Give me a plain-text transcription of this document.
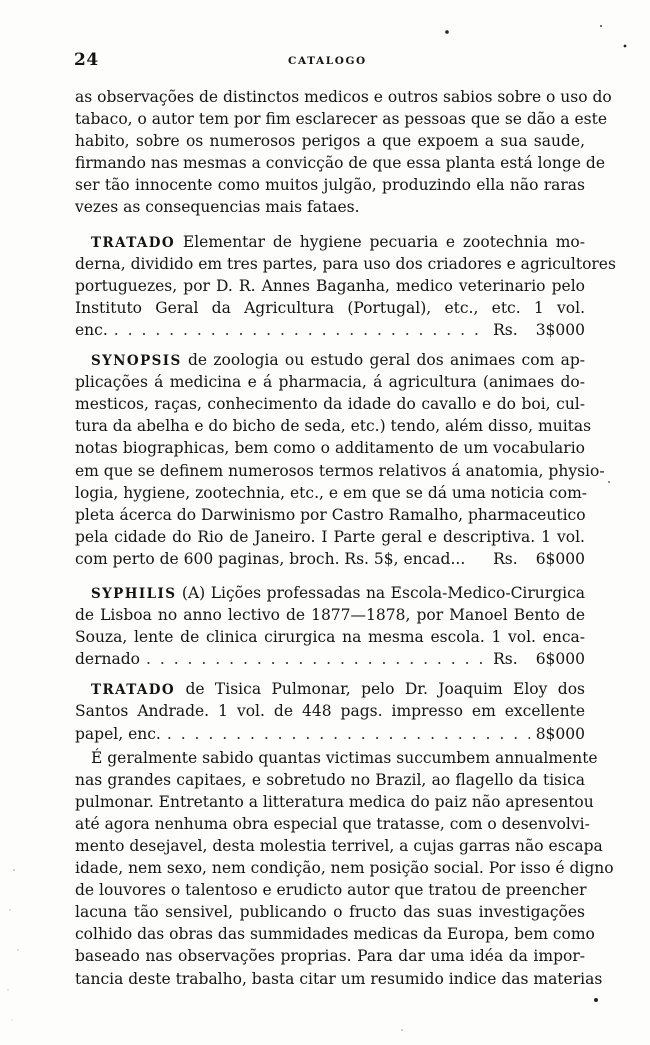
24	CATALOGO
as observações de distinctos medicos e outros sabios sobre o uso do
tabaco, o autor tem por fim esclarecer as pessoas que se dão a este
habito, sobre os numerosos perigos a que expoem a sua saude,
firmando nas mesmas a convicção de que essa planta está longe de
ser tão innocente como muitos julgão, produzindo ella não raras
vezes as consequencias mais fataes.
TRATADO Elementar de hygiene pecuaria e zootechnia mo-
derna, dividido em tres partes, para uso dos criadores e agricultores
portuguezes, por D. R. Annes Baganha, medico veterinario pelo
Instituto Geral da Agricultura (Portugal), etc., etc. 1 vol.
enc. . . .	Rs. 3$000
SYNOPSIS de zoologia ou estudo geral dos animaes com ap-
plicações á medicina e á pharmacia, á agricultura (animaes do-
mesticos, raças, conhecimento da idade do cavallo e do boi, cul-
tura da abelha e do bicho de seda, etc.) tendo, além disso, muitas
notas biographicas, bem como o additamento de um vocabulario
em que se definem numerosos termos relativos á anatomia, physio-
logia, hygiene, zootechnia, etc., e em que se dá uma noticia com-
pleta ácerca do Darwinismo por Castro Ramalho, pharmaceutico
pela cidade do Rio de Janeiro. I Parte geral e descriptiva. 1 vol.
com perto de 600 paginas, broch. Rs. 5$, encad... Rs. 6$000
SYPHILIS (A) Lições professadas na Escola-Medico-Cirurgica
de Lisboa no anno lectivo de 1877—1878, por Manoel Bento de
Souza, lente de clinica cirurgica na mesma escola. 1 vol. enca-
dernado . . .	Rs. 6$000
TRATADO de Tisica Pulmonar, pelo Dr. Joaquim Eloy dos
Santos Andrade. 1 vol. de 448 pags. impresso em excellente
papel, enc. . . .	8$000
É geralmente sabido quantas victimas succumbem annualmente
nas grandes capitaes, e sobretudo no Brazil, ao flagello da tisica
pulmonar. Entretanto a litteratura medica do paiz não apresentou
até agora nenhuma obra especial que tratasse, com o desenvolvi-
mento desejavel, desta molestia terrivel, a cujas garras não escapa
idade, nem sexo, nem condição, nem posição social. Por isso é digno
de louvores o talentoso e erudicto autor que tratou de preencher
lacuna tão sensivel, publicando o fructo das suas investigações
colhido das obras das summidades medicas da Europa, bem como
baseado nas observações proprias. Para dar uma idéa da impor-
tancia deste trabalho, basta citar um resumido indice das materias
